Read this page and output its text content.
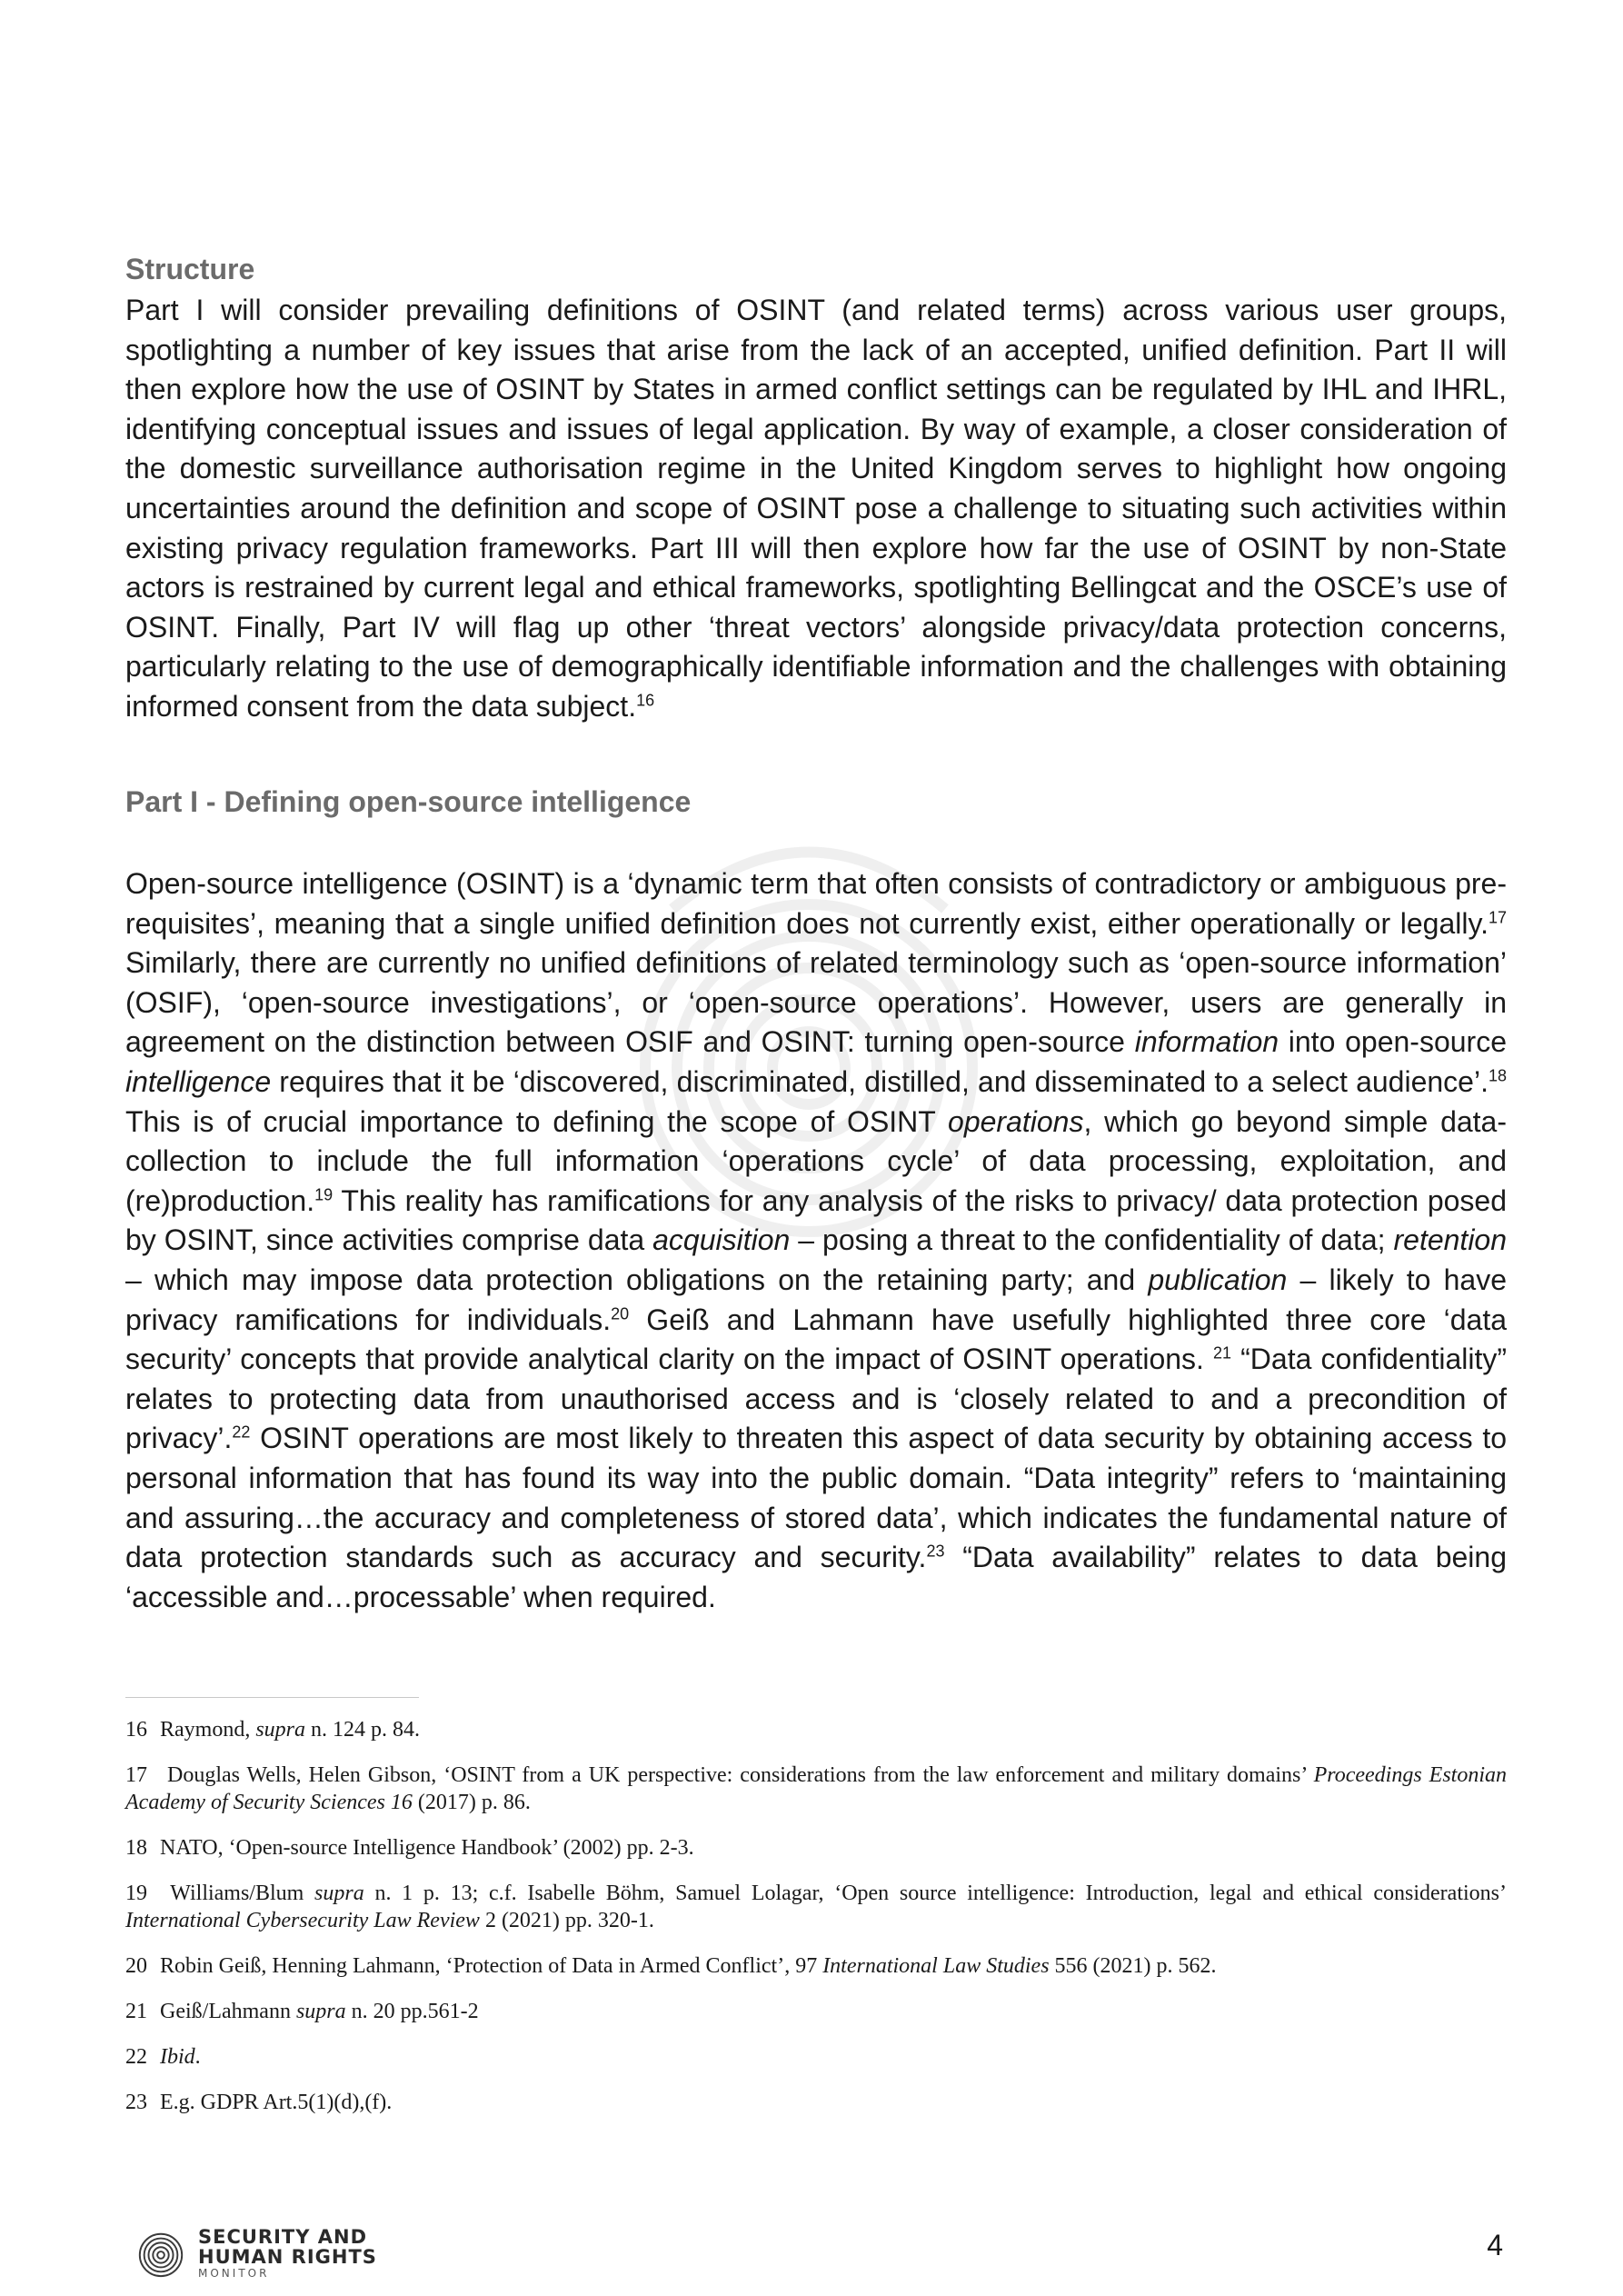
Structure

Part I will consider prevailing definitions of OSINT (and related terms) across various user groups, spotlighting a number of key issues that arise from the lack of an accepted, unified definition. Part II will then explore how the use of OSINT by States in armed conflict settings can be regulated by IHL and IHRL, identifying conceptual issues and issues of legal application. By way of example, a closer consideration of the domestic surveillance authorisation regime in the United Kingdom serves to highlight how ongoing uncertainties around the definition and scope of OSINT pose a challenge to situating such activities within existing privacy regulation frameworks. Part III will then explore how far the use of OSINT by non-State actors is restrained by current legal and ethical frameworks, spotlighting Bellingcat and the OSCE’s use of OSINT. Finally, Part IV will flag up other ‘threat vectors’ alongside privacy/data protection concerns, particularly relating to the use of demographically identifiable information and the challenges with obtaining informed consent from the data subject.$^{16}$

Part I - Defining open-source intelligence

Open-source intelligence (OSINT) is a ‘dynamic term that often consists of contradictory or ambiguous pre-requisites’, meaning that a single unified definition does not currently exist, either operationally or legally.$^{17}$ Similarly, there are currently no unified definitions of related terminology such as ‘open-source information’ (OSIF), ‘open-source investigations’, or ‘open-source operations’. However, users are generally in agreement on the distinction between OSIF and OSINT: turning open-source information into open-source intelligence requires that it be ‘discovered, discriminated, distilled, and disseminated to a select audience’.$^{18}$ This is of crucial importance to defining the scope of OSINT operations, which go beyond simple data-collection to include the full information ‘operations cycle’ of data processing, exploitation, and (re)production.$^{19}$ This reality has ramifications for any analysis of the risks to privacy/ data protection posed by OSINT, since activities comprise data acquisition – posing a threat to the confidentiality of data; retention – which may impose data protection obligations on the retaining party; and publication – likely to have privacy ramifications for individuals.$^{20}$ Geiß and Lahmann have usefully highlighted three core ‘data security’ concepts that provide analytical clarity on the impact of OSINT operations. $^{21}$ “Data confidentiality” relates to protecting data from unauthorised access and is ‘closely related to and a precondition of privacy’.$^{22}$ OSINT operations are most likely to threaten this aspect of data security by obtaining access to personal information that has found its way into the public domain. “Data integrity” refers to ‘maintaining and assuring…the accuracy and completeness of stored data’, which indicates the fundamental nature of data protection standards such as accuracy and security.$^{23}$ “Data availability” relates to data being ‘accessible and…processable’ when required.

16 Raymond, supra n. 124 p. 84.

17 Douglas Wells, Helen Gibson, ‘OSINT from a UK perspective: considerations from the law enforcement and military domains’ Proceedings Estonian Academy of Security Sciences 16 (2017) p. 86.

18 NATO, ‘Open-source Intelligence Handbook’ (2002) pp. 2-3.

19 Williams/Blum supra n. 1 p. 13; c.f. Isabelle Böhm, Samuel Lolagar, ‘Open source intelligence: Introduction, legal and ethical considerations’ International Cybersecurity Law Review 2 (2021) pp. 320-1.

20 Robin Geiß, Henning Lahmann, ‘Protection of Data in Armed Conflict’, 97 International Law Studies 556 (2021) p. 562.

21 Geiß/Lahmann supra n. 20 pp.561-2

22 Ibid.

23 E.g. GDPR Art.5(1)(d),(f).

SECURITY AND
HUMAN RIGHTS
MONITOR
4
